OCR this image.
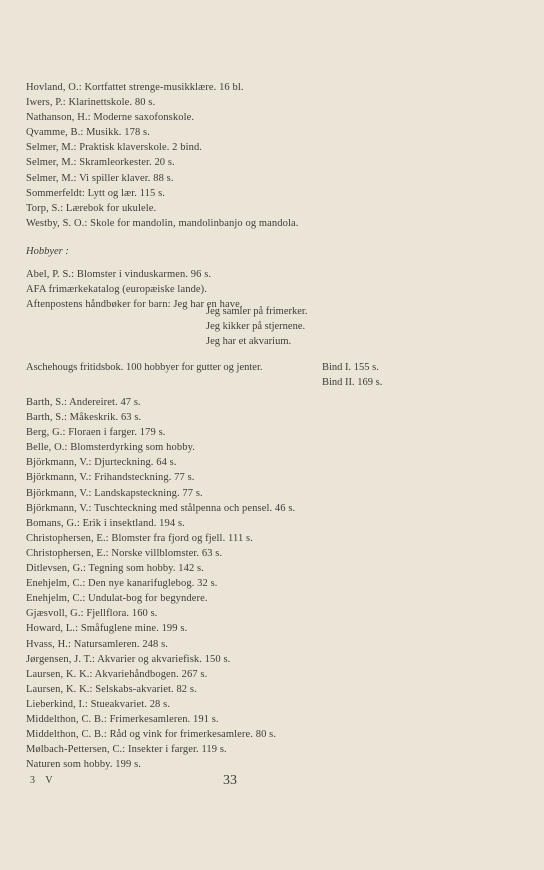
Hovland, O.: Kortfattet strenge-musikklære. 16 bl.
Iwers, P.: Klarinettskole. 80 s.
Nathanson, H.: Moderne saxofonskole.
Qvamme, B.: Musikk. 178 s.
Selmer, M.: Praktisk klaverskole. 2 bind.
Selmer, M.: Skramleorkester. 20 s.
Selmer, M.: Vi spiller klaver. 88 s.
Sommerfeldt: Lytt og lær. 115 s.
Torp, S.: Lærebok for ukulele.
Westby, S. O.: Skole for mandolin, mandolinbanjo og mandola.
Hobbyer :
Abel, P. S.: Blomster i vinduskarmen. 96 s.
AFA frimærkekatalog (europæiske lande).
Aftenpostens håndbøker for barn: Jeg har en have.
Jeg samler på frimerker.
Jeg kikker på stjernene.
Jeg har et akvarium.
Aschehougs fritidsbok. 100 hobbyer for gutter og jenter.	Bind I. 155 s.
Bind II. 169 s.
Barth, S.: Andereiret. 47 s.
Barth, S.: Måkeskrik. 63 s.
Berg, G.: Floraen i farger. 179 s.
Belle, O.: Blomsterdyrking som hobby.
Björkmann, V.: Djurteckning. 64 s.
Björkmann, V.: Frihandsteckning. 77 s.
Björkmann, V.: Landskapsteckning. 77 s.
Björkmann, V.: Tuschteckning med stålpenna och pensel. 46 s.
Bomans, G.: Erik i insektland. 194 s.
Christophersen, E.: Blomster fra fjord og fjell. 111 s.
Christophersen, E.: Norske villblomster. 63 s.
Ditlevsen, G.: Tegning som hobby. 142 s.
Enehjelm, C.: Den nye kanarifuglebog. 32 s.
Enehjelm, C.: Undulat-bog for begyndere.
Gjæsvoll, G.: Fjellflora. 160 s.
Howard, L.: Småfuglene mine. 199 s.
Hvass, H.: Natursamleren. 248 s.
Jørgensen, J. T.: Akvarier og akvariefisk. 150 s.
Laursen, K. K.: Akvariehåndbogen. 267 s.
Laursen, K. K.: Selskabs-akvariet. 82 s.
Lieberkind, I.: Stueakvariet. 28 s.
Middelthon, C. B.: Frimerkesamleren. 191 s.
Middelthon, C. B.: Råd og vink for frimerkesamlere. 80 s.
Mølbach-Pettersen, C.: Insekter i farger. 119 s.
Naturen som hobby. 199 s.
3 V	33
